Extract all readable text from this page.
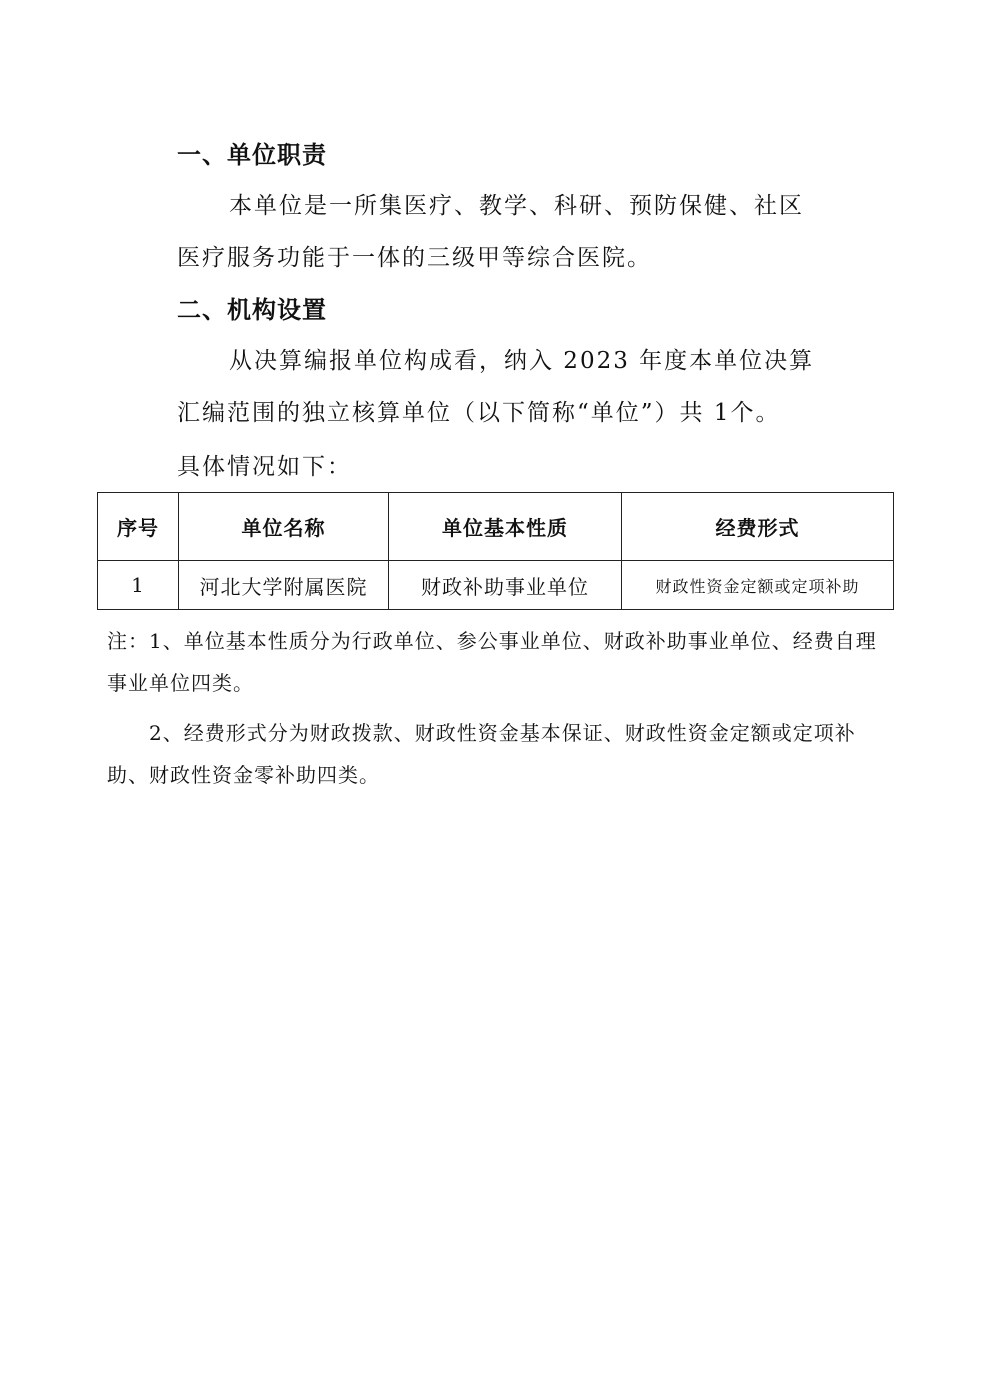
一、单位职责
本单位是一所集医疗、教学、科研、预防保健、社区医疗服务功能于一体的三级甲等综合医院。
二、机构设置
从决算编报单位构成看，纳入 2023 年度本单位决算汇编范围的独立核算单位（以下简称“单位”）共 1个。
具体情况如下：
序号	单位名称	单位基本性质	经费形式
1	河北大学附属医院	财政补助事业单位	财政性资金定额或定项补助
注：1、单位基本性质分为行政单位、参公事业单位、财政补助事业单位、经费自理事业单位四类。
2、经费形式分为财政拨款、财政性资金基本保证、财政性资金定额或定项补助、财政性资金零补助四类。
